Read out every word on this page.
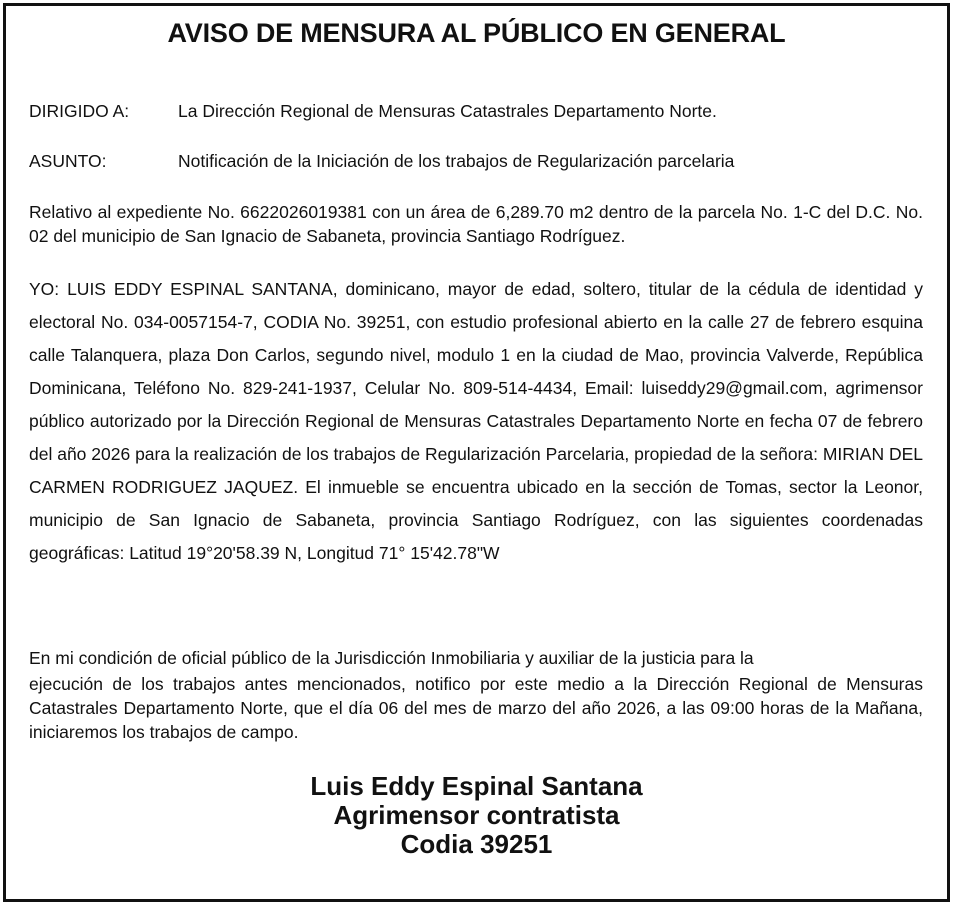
AVISO DE MENSURA AL PÚBLICO EN GENERAL
DIRIGIDO A:	La Dirección Regional de Mensuras Catastrales Departamento Norte.
ASUNTO:	Notificación de la Iniciación de los trabajos de Regularización parcelaria
Relativo al expediente No. 6622026019381 con un área de 6,289.70 m2 dentro de la parcela No. 1-C del D.C. No. 02 del municipio de San Ignacio de Sabaneta, provincia Santiago Rodríguez.
YO: LUIS EDDY ESPINAL SANTANA, dominicano, mayor de edad, soltero, titular de la cédula de identidad y electoral No. 034-0057154-7, CODIA No. 39251, con estudio profesional abierto en la calle 27 de febrero esquina calle Talanquera, plaza Don Carlos, segundo nivel, modulo 1 en la ciudad de Mao, provincia Valverde, República Dominicana, Teléfono No. 829-241-1937, Celular No. 809-514-4434, Email: luiseddy29@gmail.com, agrimensor público autorizado por la Dirección Regional de Mensuras Catastrales Departamento Norte en fecha 07 de febrero del año 2026 para la realización de los trabajos de Regularización Parcelaria, propiedad de la señora: MIRIAN DEL CARMEN RODRIGUEZ JAQUEZ. El inmueble se encuentra ubicado en la sección de Tomas, sector la Leonor, municipio de San Ignacio de Sabaneta, provincia Santiago Rodríguez, con las siguientes coordenadas geográficas: Latitud 19°20'58.39 N, Longitud 71° 15'42.78"W
En mi condición de oficial público de la Jurisdicción Inmobiliaria y auxiliar de la justicia para la
ejecución de los trabajos antes mencionados, notifico por este medio a la Dirección Regional de Mensuras Catastrales Departamento Norte, que el día 06 del mes de marzo del año 2026, a las 09:00 horas de la Mañana, iniciaremos los trabajos de campo.
Luis Eddy Espinal Santana
Agrimensor contratista
Codia 39251
